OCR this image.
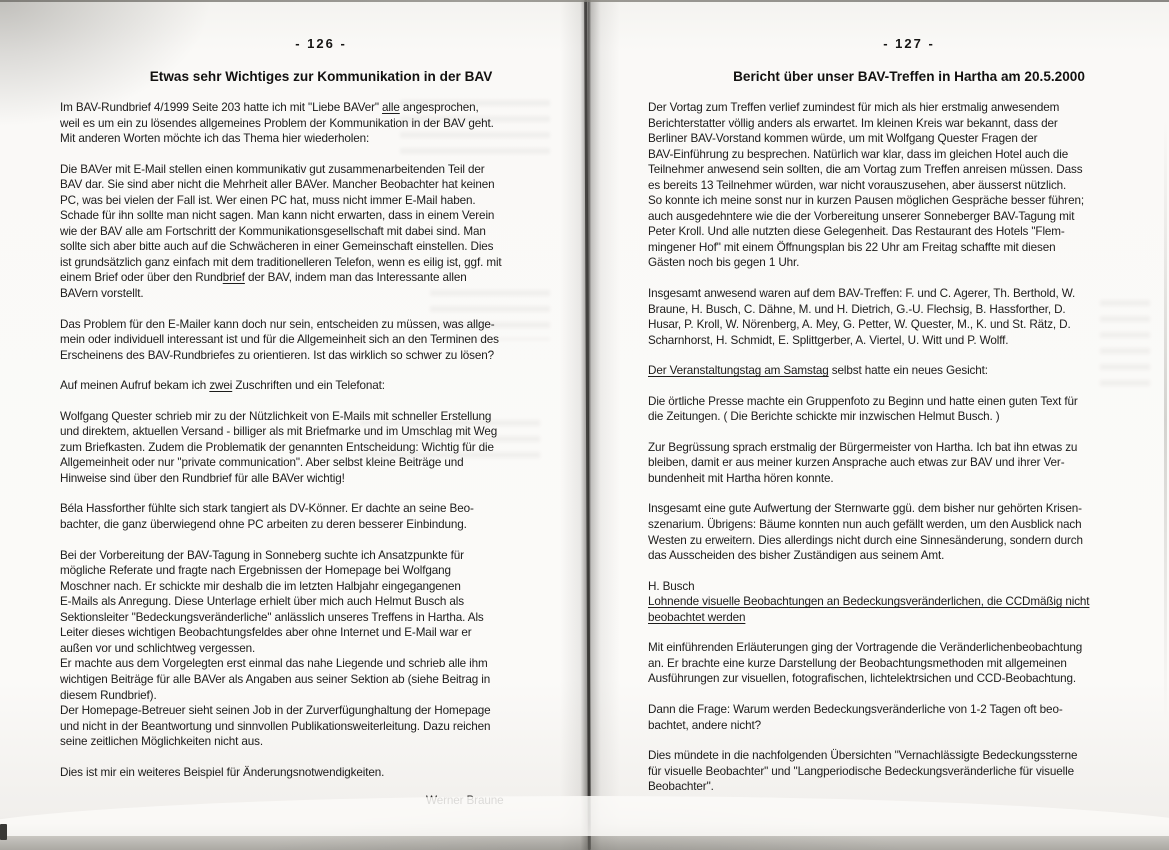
- 126 -
Etwas sehr Wichtiges zur Kommunikation in der BAV

Im BAV-Rundbrief 4/1999 Seite 203 hatte ich mit "Liebe BAVer" alle angesprochen,
weil es um ein zu lösendes allgemeines Problem der Kommunikation in der BAV geht.
Mit anderen Worten möchte ich das Thema hier wiederholen:

Die BAVer mit E-Mail stellen einen kommunikativ gut zusammenarbeitenden Teil der
BAV dar. Sie sind aber nicht die Mehrheit aller BAVer. Mancher Beobachter hat keinen
PC, was bei vielen der Fall ist. Wer einen PC hat, muss nicht immer E-Mail haben.
Schade für ihn sollte man nicht sagen. Man kann nicht erwarten, dass in einem Verein
wie der BAV alle am Fortschritt der Kommunikationsgesellschaft mit dabei sind. Man
sollte sich aber bitte auch auf die Schwächeren in einer Gemeinschaft einstellen. Dies
ist grundsätzlich ganz einfach mit dem traditionelleren Telefon, wenn es eilig ist, ggf. mit
einem Brief oder über den Rundbrief der BAV, indem man das Interessante allen
BAVern vorstellt.

Das Problem für den E-Mailer kann doch nur sein, entscheiden zu müssen, was allge-
mein oder individuell interessant ist und für die Allgemeinheit sich an den Terminen des
Erscheinens des BAV-Rundbriefes zu orientieren. Ist das wirklich so schwer zu lösen?

Auf meinen Aufruf bekam ich zwei Zuschriften und ein Telefonat:

Wolfgang Quester schrieb mir zu der Nützlichkeit von E-Mails mit schneller Erstellung
und direktem, aktuellen Versand - billiger als mit Briefmarke und im Umschlag mit Weg
zum Briefkasten. Zudem die Problematik der genannten Entscheidung: Wichtig für die
Allgemeinheit oder nur "private communication". Aber selbst kleine Beiträge und
Hinweise sind über den Rundbrief für alle BAVer wichtig!

Béla Hassforther fühlte sich stark tangiert als DV-Könner. Er dachte an seine Beo-
bachter, die ganz überwiegend ohne PC arbeiten zu deren besserer Einbindung.

Bei der Vorbereitung der BAV-Tagung in Sonneberg suchte ich Ansatzpunkte für
mögliche Referate und fragte nach Ergebnissen der Homepage bei Wolfgang
Moschner nach. Er schickte mir deshalb die im letzten Halbjahr eingegangenen
E-Mails als Anregung. Diese Unterlage erhielt über mich auch Helmut Busch als
Sektionsleiter "Bedeckungsveränderliche" anlässlich unseres Treffens in Hartha. Als
Leiter dieses wichtigen Beobachtungsfeldes aber ohne Internet und E-Mail war er
außen vor und schlichtweg vergessen.
Er machte aus dem Vorgelegten erst einmal das nahe Liegende und schrieb alle ihm
wichtigen Beiträge für alle BAVer als Angaben aus seiner Sektion ab (siehe Beitrag in
diesem Rundbrief).
Der Homepage-Betreuer sieht seinen Job in der Zurverfügunghaltung der Homepage
und nicht in der Beantwortung und sinnvollen Publikationsweiterleitung. Dazu reichen
seine zeitlichen Möglichkeiten nicht aus.

Dies ist mir ein weiteres Beispiel für Änderungsnotwendigkeiten.

- 127 -
Bericht über unser BAV-Treffen in Hartha am 20.5.2000

Der Vortag zum Treffen verlief zumindest für mich als hier erstmalig anwesendem
Berichterstatter völlig anders als erwartet. Im kleinen Kreis war bekannt, dass der
Berliner BAV-Vorstand kommen würde, um mit Wolfgang Quester Fragen der
BAV-Einführung zu besprechen. Natürlich war klar, dass im gleichen Hotel auch die
Teilnehmer anwesend sein sollten, die am Vortag zum Treffen anreisen müssen. Dass
es bereits 13 Teilnehmer würden, war nicht vorauszusehen, aber äusserst nützlich.
So konnte ich meine sonst nur in kurzen Pausen möglichen Gespräche besser führen;
auch ausgedehntere wie die der Vorbereitung unserer Sonneberger BAV-Tagung mit
Peter Kroll. Und alle nutzten diese Gelegenheit. Das Restaurant des Hotels "Flem-
mingener Hof" mit einem Öffnungsplan bis 22 Uhr am Freitag schaffte mit diesen
Gästen noch bis gegen 1 Uhr.

Insgesamt anwesend waren auf dem BAV-Treffen: F. und C. Agerer, Th. Berthold, W.
Braune, H. Busch, C. Dähne, M. und H. Dietrich, G.-U. Flechsig, B. Hassforther, D.
Husar, P. Kroll, W. Nörenberg, A. Mey, G. Petter, W. Quester, M., K. und St. Rätz, D.
Scharnhorst, H. Schmidt, E. Splittgerber, A. Viertel, U. Witt und P. Wolff.

Der Veranstaltungstag am Samstag selbst hatte ein neues Gesicht:

Die örtliche Presse machte ein Gruppenfoto zu Beginn und hatte einen guten Text für
die Zeitungen. ( Die Berichte schickte mir inzwischen Helmut Busch. )

Zur Begrüssung sprach erstmalig der Bürgermeister von Hartha. Ich bat ihn etwas zu
bleiben, damit er aus meiner kurzen Ansprache auch etwas zur BAV und ihrer Ver-
bundenheit mit Hartha hören konnte.

Insgesamt eine gute Aufwertung der Sternwarte ggü. dem bisher nur gehörten Krisen-
szenarium. Übrigens: Bäume konnten nun auch gefällt werden, um den Ausblick nach
Westen zu erweitern. Dies allerdings nicht durch eine Sinnesänderung, sondern durch
das Ausscheiden des bisher Zuständigen aus seinem Amt.

H. Busch
Lohnende visuelle Beobachtungen an Bedeckungsveränderlichen, die CCDmäßig nicht
beobachtet werden

Mit einführenden Erläuterungen ging der Vortragende die Veränderlichenbeobachtung
an. Er brachte eine kurze Darstellung der Beobachtungsmethoden mit allgemeinen
Ausführungen zur visuellen, fotografischen, lichtelektrsichen und CCD-Beobachtung.

Dann die Frage: Warum werden Bedeckungsveränderliche von 1-2 Tagen oft beo-
bachtet, andere nicht?

Dies mündete in die nachfolgenden Übersichten "Vernachlässigte Bedeckungssterne
für visuelle Beobachter" und "Langperiodische Bedeckungsveränderliche für visuelle
Beobachter".
